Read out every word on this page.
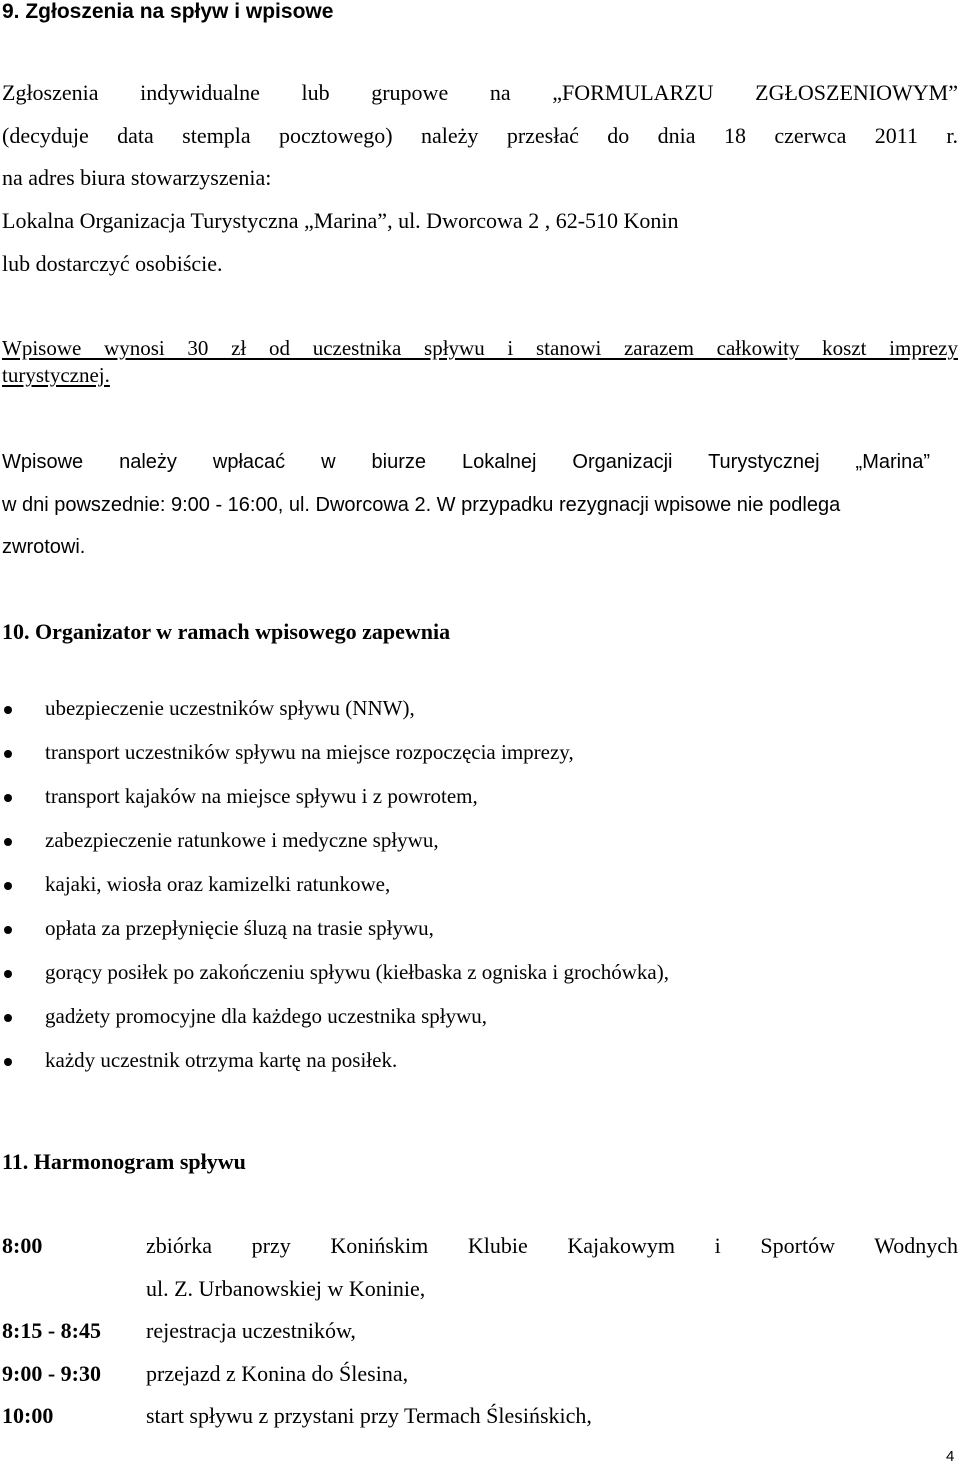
9. Zgłoszenia na spływ i wpisowe
Zgłoszenia indywidualne lub grupowe na „FORMULARZU ZGŁOSZENIOWYM”
(decyduje data stempla pocztowego) należy przesłać do dnia 18 czerwca 2011 r.
na adres biura stowarzyszenia:
Lokalna Organizacja Turystyczna „Marina”, ul. Dworcowa 2 , 62-510 Konin
lub dostarczyć osobiście.
Wpisowe wynosi 30 zł od uczestnika spływu i stanowi zarazem całkowity koszt imprezy
turystycznej.
Wpisowe należy wpłacać w biurze Lokalnej Organizacji Turystycznej „Marina”
w dni powszednie: 9:00 - 16:00, ul. Dworcowa 2. W przypadku rezygnacji wpisowe nie podlega
zwrotowi.
10. Organizator w ramach wpisowego zapewnia
ubezpieczenie uczestników spływu (NNW),
transport uczestników spływu na miejsce rozpoczęcia imprezy,
transport kajaków na miejsce spływu i z powrotem,
zabezpieczenie ratunkowe i medyczne spływu,
kajaki, wiosła oraz kamizelki ratunkowe,
opłata za przepłynięcie śluzą na trasie spływu,
gorący posiłek po zakończeniu spływu (kiełbaska z ogniska i grochówka),
gadżety promocyjne dla każdego uczestnika spływu,
każdy uczestnik otrzyma kartę na posiłek.
11. Harmonogram spływu
8:00	zbiórka przy Konińskim Klubie Kajakowym i Sportów Wodnych
ul. Z. Urbanowskiej w Koninie,
8:15 - 8:45 rejestracja uczestników,
9:00 - 9:30 przejazd z Konina do Ślesina,
10:00	start spływu z przystani przy Termach Ślesińskich,
4
